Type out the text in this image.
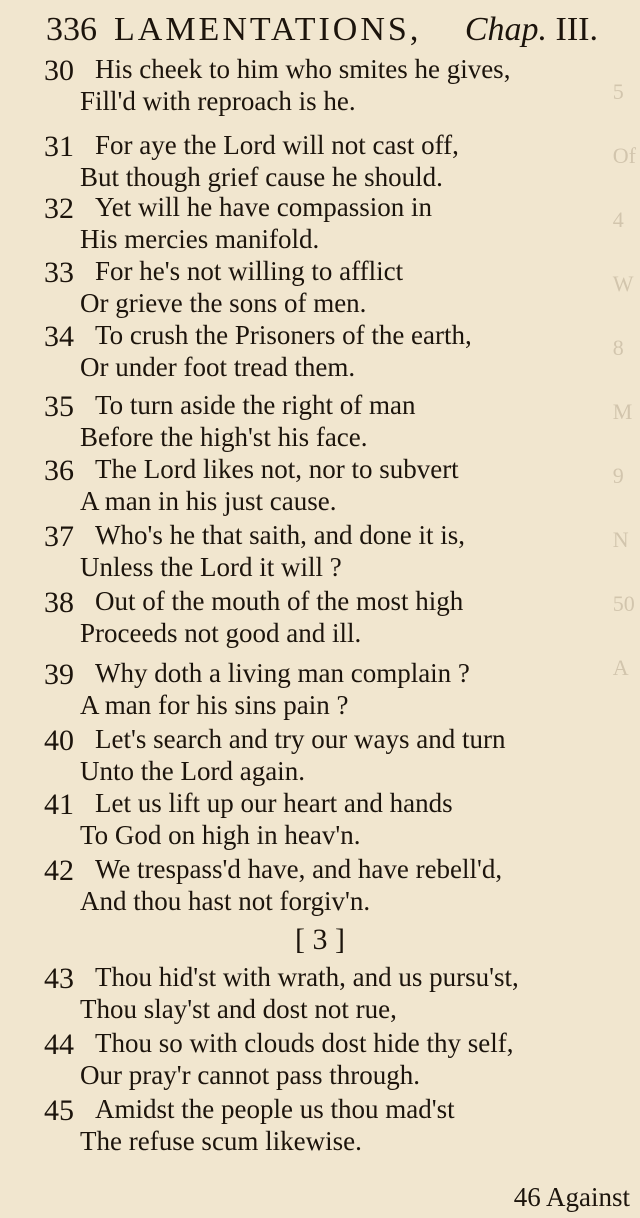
5
Of
4
W
8
M
9
N
50
A
336 LAMENTATIONS, Chap. III.
30 His cheek to him who smites he gives,
Fill'd with reproach is he.
31 For aye the Lord will not cast off,
But though grief cause he should.
32 Yet will he have compassion in
His mercies manifold.
33 For he's not willing to afflict
Or grieve the sons of men.
34 To crush the Prisoners of the earth,
Or under foot tread them.
35 To turn aside the right of man
Before the high'st his face.
36 The Lord likes not, nor to subvert
A man in his just cause.
37 Who's he that saith, and done it is,
Unless the Lord it will ?
38 Out of the mouth of the most high
Proceeds not good and ill.
39 Why doth a living man complain ?
A man for his sins pain ?
40 Let's search and try our ways and turn
Unto the Lord again.
41 Let us lift up our heart and hands
To God on high in heav'n.
42 We trespass'd have, and have rebell'd,
And thou hast not forgiv'n.
[ 3 ]
43 Thou hid'st with wrath, and us pursu'st,
Thou slay'st and dost not rue,
44 Thou so with clouds dost hide thy self,
Our pray'r cannot pass through.
45 Amidst the people us thou mad'st
The refuse scum likewise.
46 Against
